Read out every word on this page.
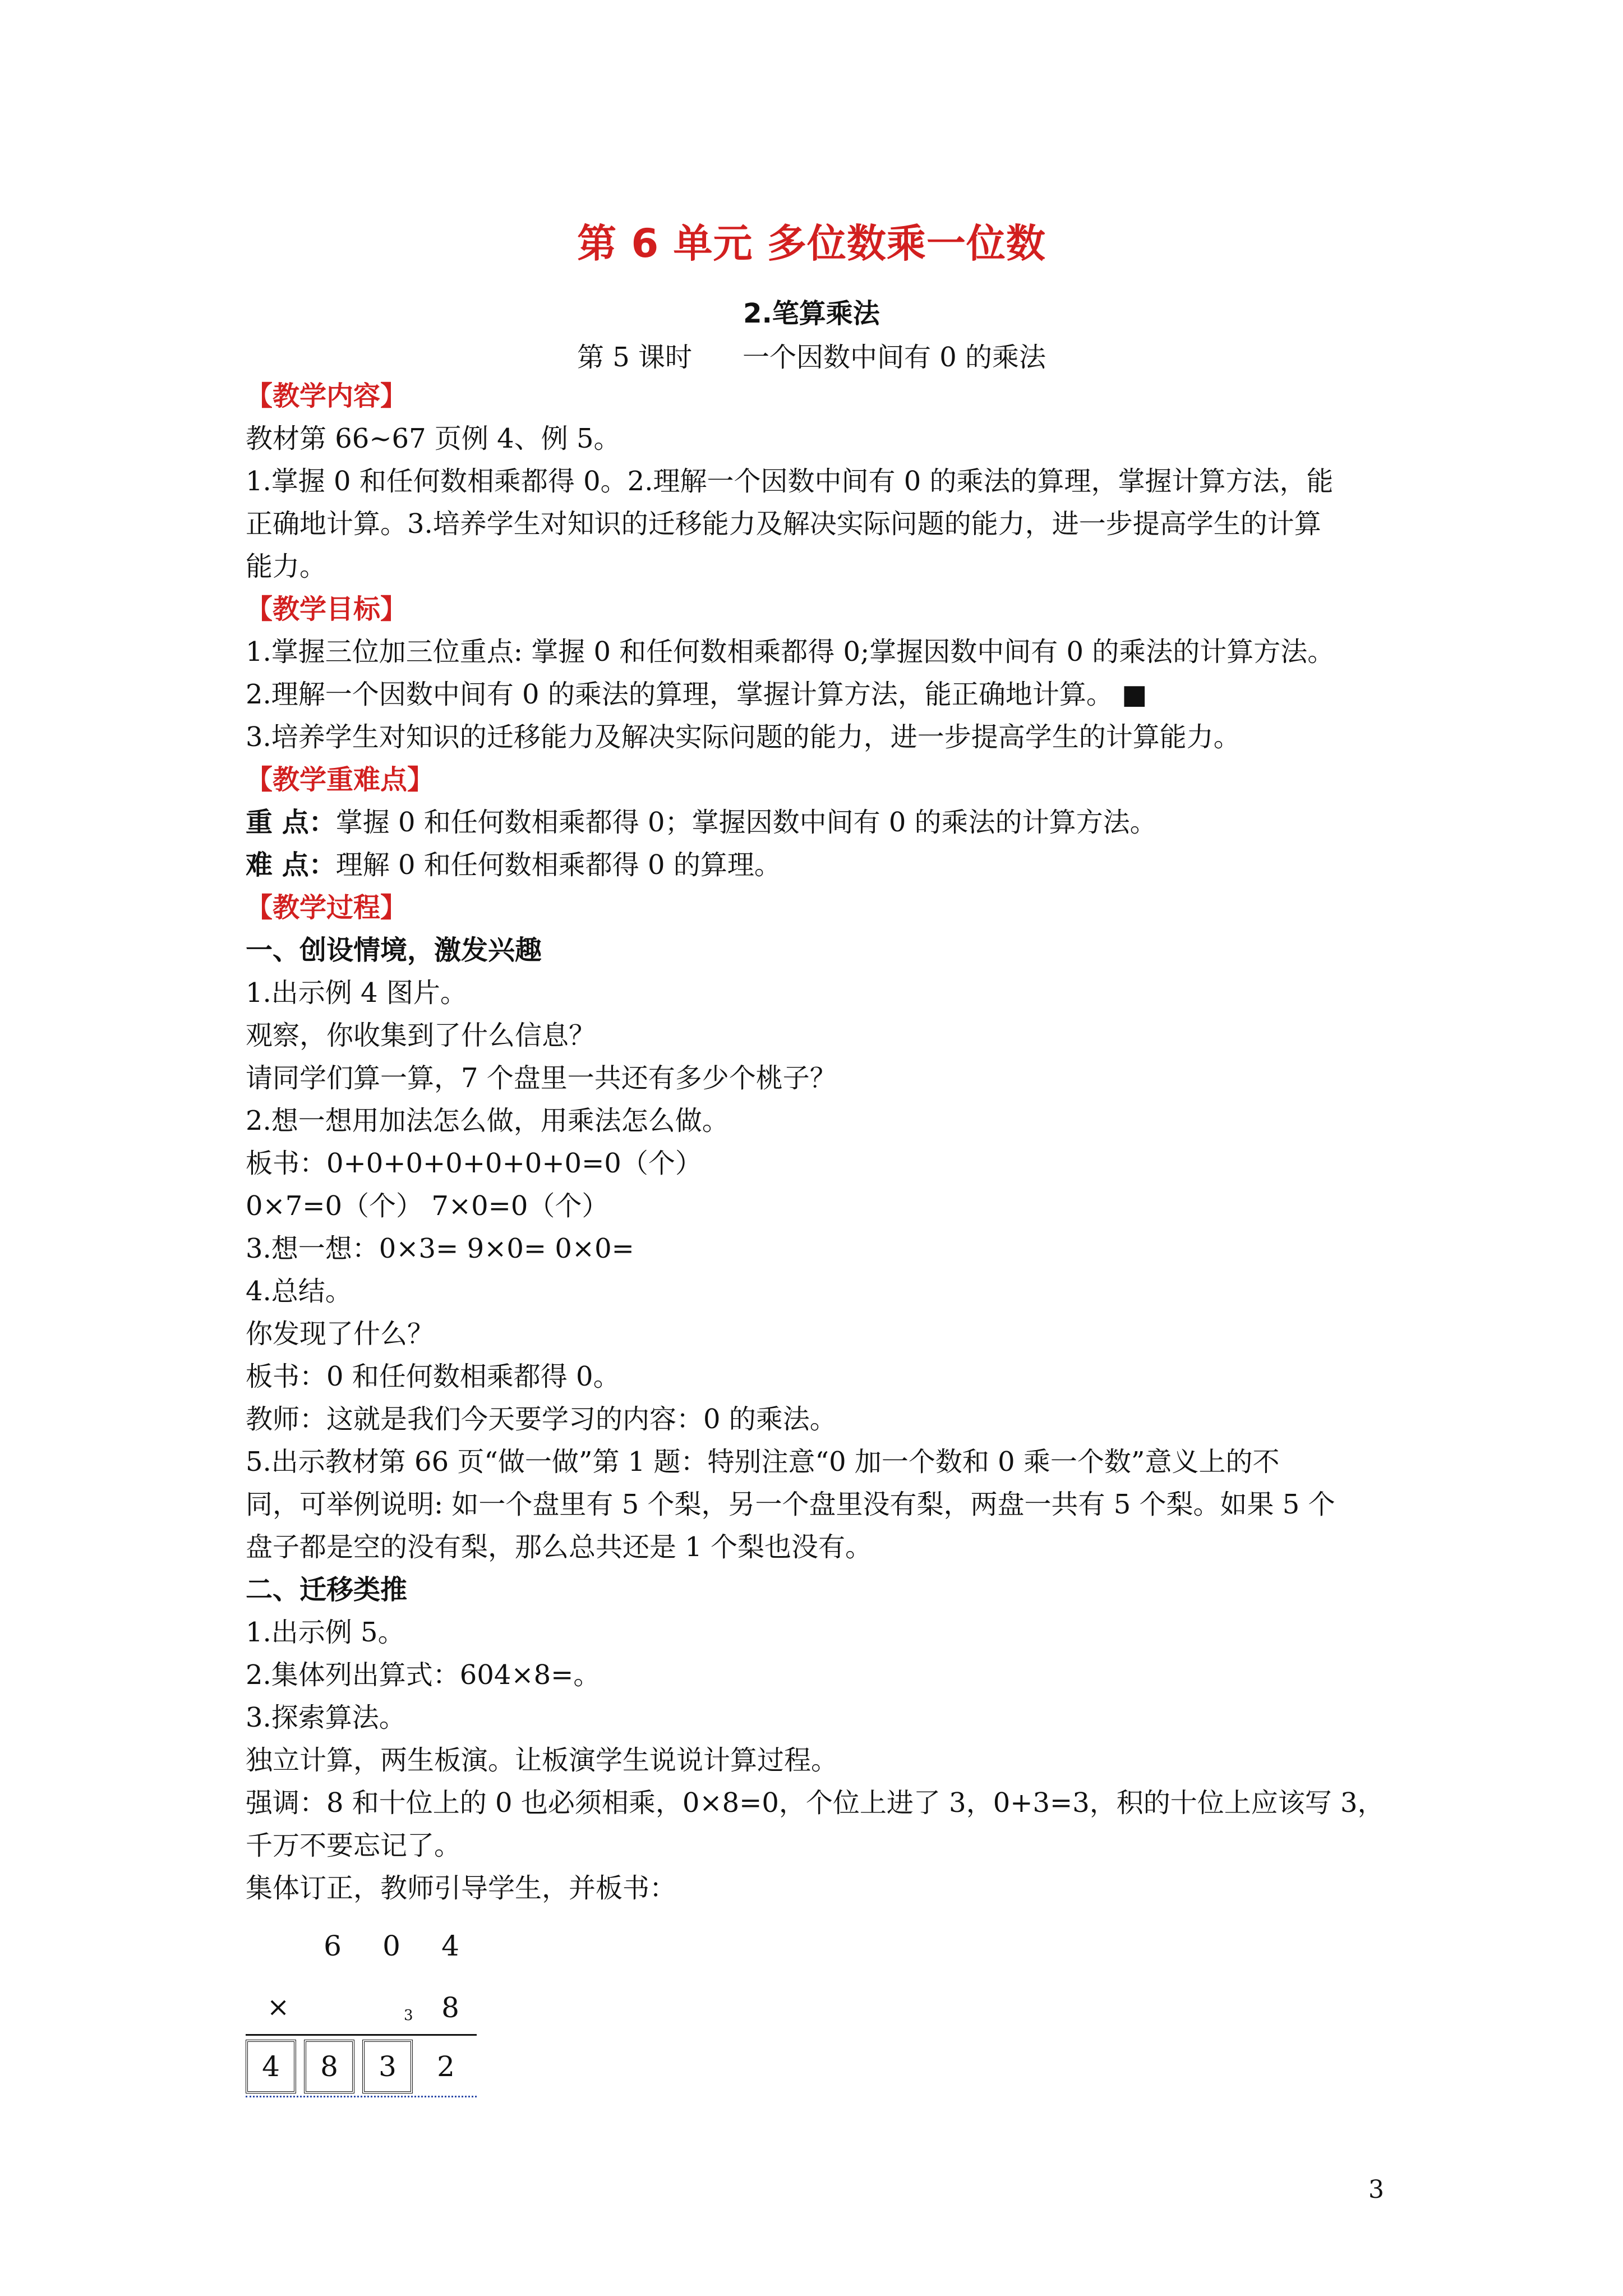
第 6 单元 多位数乘一位数
2.笔算乘法
第 5 课时 一个因数中间有 0 的乘法
【教学内容】
教材第 66~67 页例 4、例 5。
1.掌握 0 和任何数相乘都得 0。2.理解一个因数中间有 0 的乘法的算理，掌握计算方法，能
正确地计算。3.培养学生对知识的迁移能力及解决实际问题的能力，进一步提高学生的计算
能力。
【教学目标】
1.掌握三位加三位重点: 掌握 0 和任何数相乘都得 0;掌握因数中间有 0 的乘法的计算方法。
2.理解一个因数中间有 0 的乘法的算理，掌握计算方法，能正确地计算。 ■
3.培养学生对知识的迁移能力及解决实际问题的能力，进一步提高学生的计算能力。
【教学重难点】
重 点：掌握 0 和任何数相乘都得 0；掌握因数中间有 0 的乘法的计算方法。
难 点：理解 0 和任何数相乘都得 0 的算理。
【教学过程】
一、创设情境，激发兴趣
1.出示例 4 图片。
观察，你收集到了什么信息？
请同学们算一算，7 个盘里一共还有多少个桃子？
2.想一想用加法怎么做，用乘法怎么做。
板书：0+0+0+0+0+0+0=0（个）
0×7=0（个） 7×0=0（个）
3.想一想：0×3= 9×0= 0×0=
4.总结。
你发现了什么？
板书：0 和任何数相乘都得 0。
教师：这就是我们今天要学习的内容：0 的乘法。
5.出示教材第 66 页“做一做”第 1 题：特别注意“0 加一个数和 0 乘一个数”意义上的不
同，可举例说明: 如一个盘里有 5 个梨，另一个盘里没有梨，两盘一共有 5 个梨。如果 5 个
盘子都是空的没有梨，那么总共还是 1 个梨也没有。
二、迁移类推
1.出示例 5。
2.集体列出算式：604×8=。
3.探索算法。
独立计算，两生板演。让板演学生说说计算过程。
强调：8 和十位上的 0 也必须相乘，0×8=0，个位上进了 3，0+3=3，积的十位上应该写 3，
千万不要忘记了。
集体订正，教师引导学生，并板书：
6 0 4
×	3 8
4	8	3	2
3
